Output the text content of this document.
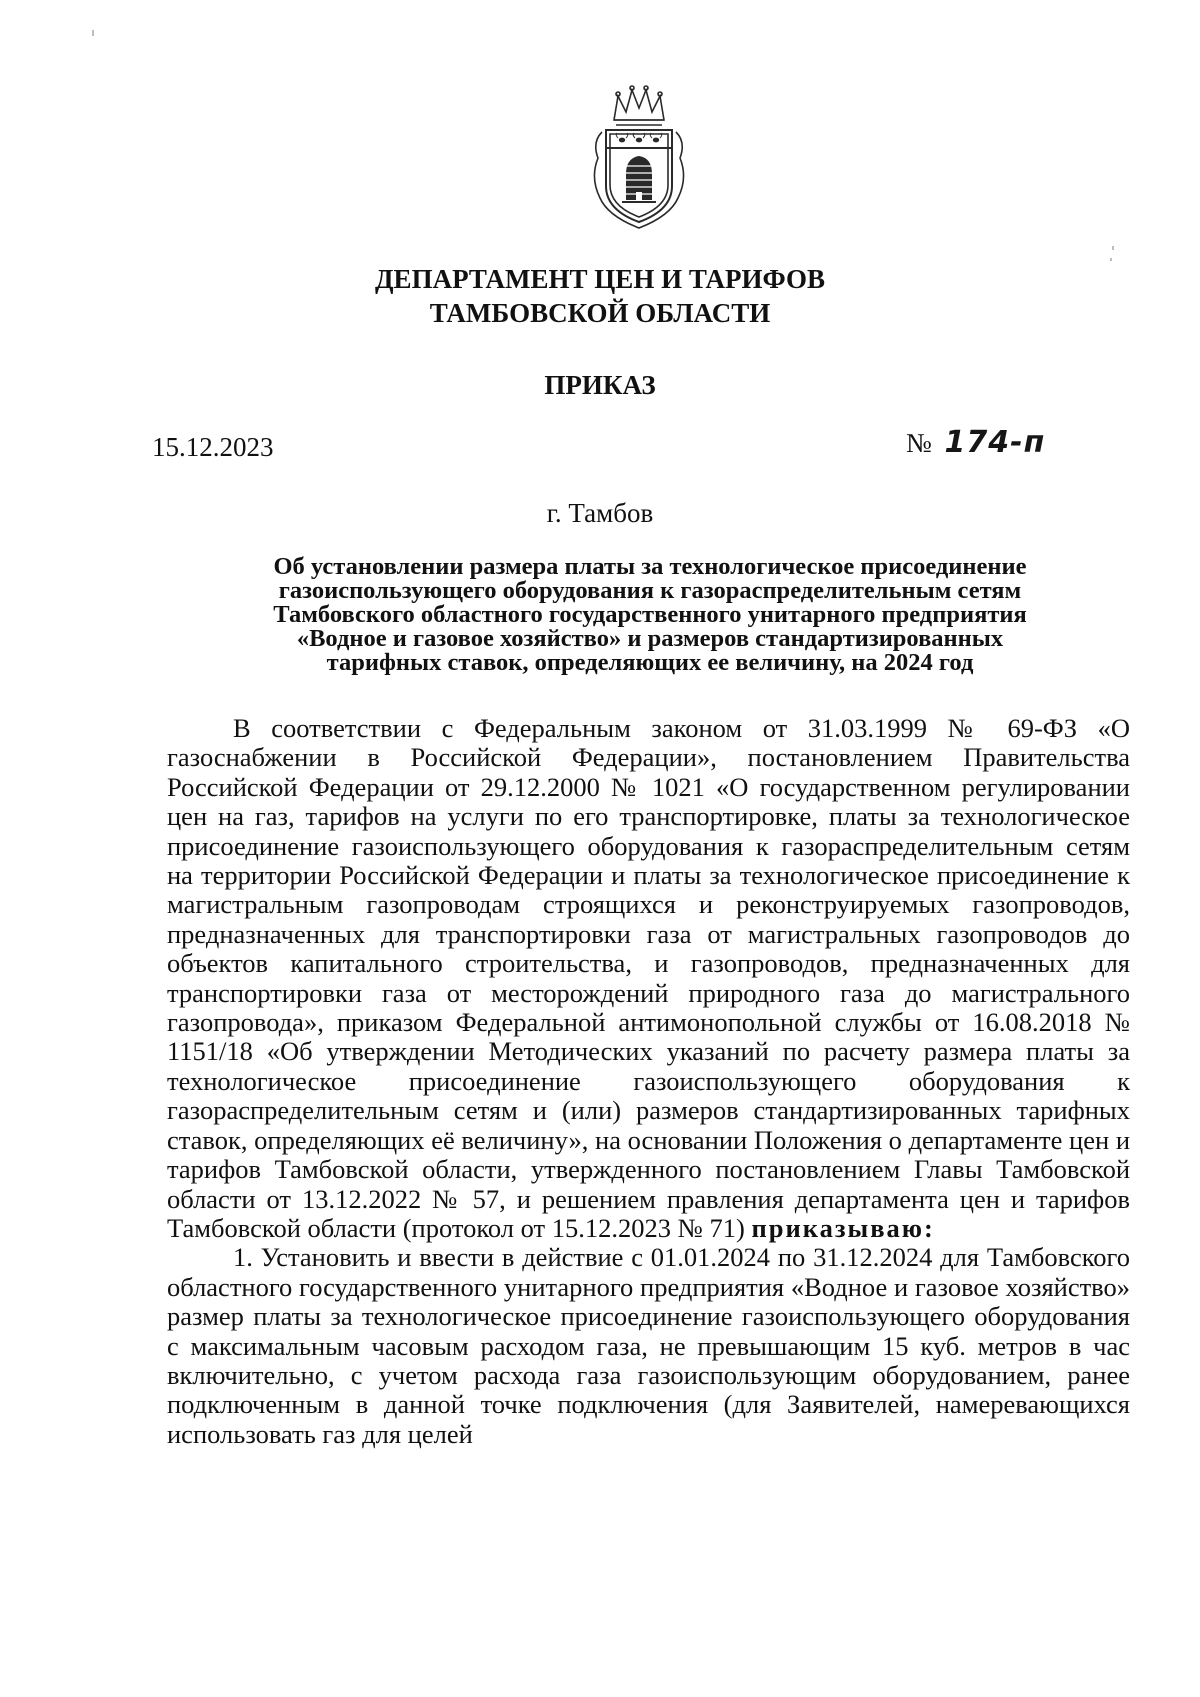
ДЕПАРТАМЕНТ ЦЕН И ТАРИФОВ
ТАМБОВСКОЙ ОБЛАСТИ
ПРИКАЗ
15.12.2023	№ 174-п
г. Тамбов
Об установлении размера платы за технологическое присоединение
газоиспользующего оборудования к газораспределительным сетям
Тамбовского областного государственного унитарного предприятия
«Водное и газовое хозяйство» и размеров стандартизированных
тарифных ставок, определяющих ее величину, на 2024 год

В соответствии с Федеральным законом от 31.03.1999 № 69-ФЗ «О газоснабжении в Российской Федерации», постановлением Правительства Российской Федерации от 29.12.2000 № 1021 «О государственном регулировании цен на газ, тарифов на услуги по его транспортировке, платы за технологическое присоединение газоиспользующего оборудования к газораспределительным сетям на территории Российской Федерации и платы за технологическое присоединение к магистральным газопроводам строящихся и реконструируемых газопроводов, предназначенных для транспортировки газа от магистральных газопроводов до объектов капитального строительства, и газопроводов, предназначенных для транспортировки газа от месторождений природного газа до магистрального газопровода», приказом Федеральной антимонопольной службы от 16.08.2018 № 1151/18 «Об утверждении Методических указаний по расчету размера платы за технологическое присоединение газоиспользующего оборудования к газораспределительным сетям и (или) размеров стандартизированных тарифных ставок, определяющих её величину», на основании Положения о департаменте цен и тарифов Тамбовской области, утвержденного постановлением Главы Тамбовской области от 13.12.2022 № 57, и решением правления департамента цен и тарифов Тамбовской области (протокол от 15.12.2023 № 71) приказываю:

1. Установить и ввести в действие с 01.01.2024 по 31.12.2024 для Тамбовского областного государственного унитарного предприятия «Водное и газовое хозяйство» размер платы за технологическое присоединение газоиспользующего оборудования с максимальным часовым расходом газа, не превышающим 15 куб. метров в час включительно, с учетом расхода газа газоиспользующим оборудованием, ранее подключенным в данной точке подключения (для Заявителей, намеревающихся использовать газ для целей
